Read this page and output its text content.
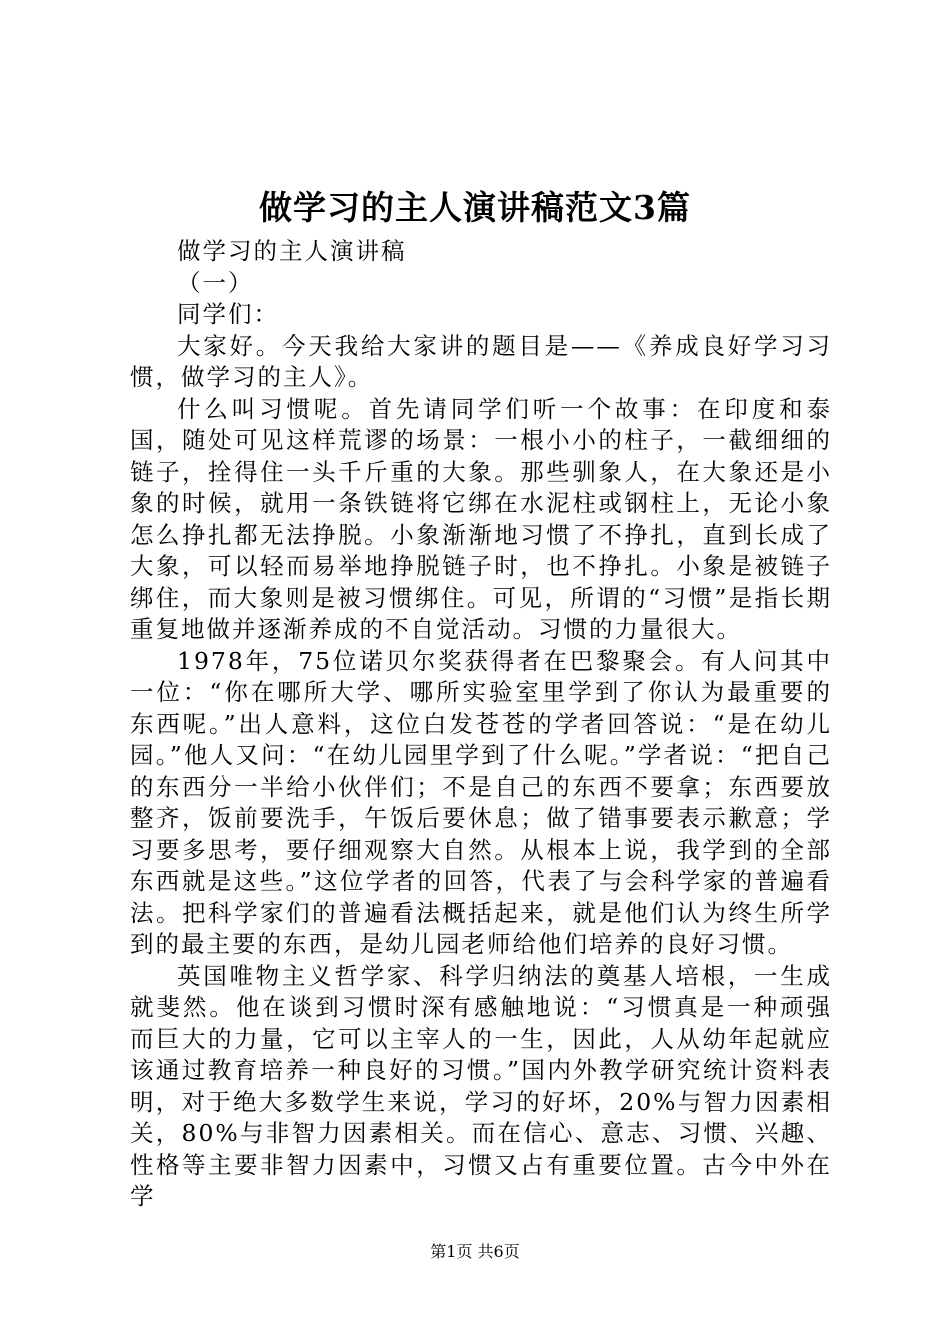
做学习的主人演讲稿范文3篇

做学习的主人演讲稿

（一）

同学们：

大家好。今天我给大家讲的题目是——《养成良好学习习惯，做学习的主人》。

什么叫习惯呢。首先请同学们听一个故事：在印度和泰国，随处可见这样荒谬的场景：一根小小的柱子，一截细细的链子，拴得住一头千斤重的大象。那些驯象人，在大象还是小象的时候，就用一条铁链将它绑在水泥柱或钢柱上，无论小象怎么挣扎都无法挣脱。小象渐渐地习惯了不挣扎，直到长成了大象，可以轻而易举地挣脱链子时，也不挣扎。小象是被链子绑住，而大象则是被习惯绑住。可见，所谓的“习惯”是指长期重复地做并逐渐养成的不自觉活动。习惯的力量很大。

1978年，75位诺贝尔奖获得者在巴黎聚会。有人问其中一位：“你在哪所大学、哪所实验室里学到了你认为最重要的东西呢。”出人意料，这位白发苍苍的学者回答说：“是在幼儿园。”他人又问：“在幼儿园里学到了什么呢。”学者说：“把自己的东西分一半给小伙伴们；不是自己的东西不要拿；东西要放整齐，饭前要洗手，午饭后要休息；做了错事要表示歉意；学习要多思考，要仔细观察大自然。从根本上说，我学到的全部东西就是这些。”这位学者的回答，代表了与会科学家的普遍看法。把科学家们的普遍看法概括起来，就是他们认为终生所学到的最主要的东西，是幼儿园老师给他们培养的良好习惯。

英国唯物主义哲学家、科学归纳法的奠基人培根，一生成就斐然。他在谈到习惯时深有感触地说：“习惯真是一种顽强而巨大的力量，它可以主宰人的一生，因此，人从幼年起就应该通过教育培养一种良好的习惯。”国内外教学研究统计资料表明，对于绝大多数学生来说，学习的好坏，20%与智力因素相关，80%与非智力因素相关。而在信心、意志、习惯、兴趣、性格等主要非智力因素中，习惯又占有重要位置。古今中外在学

第1页 共6页
